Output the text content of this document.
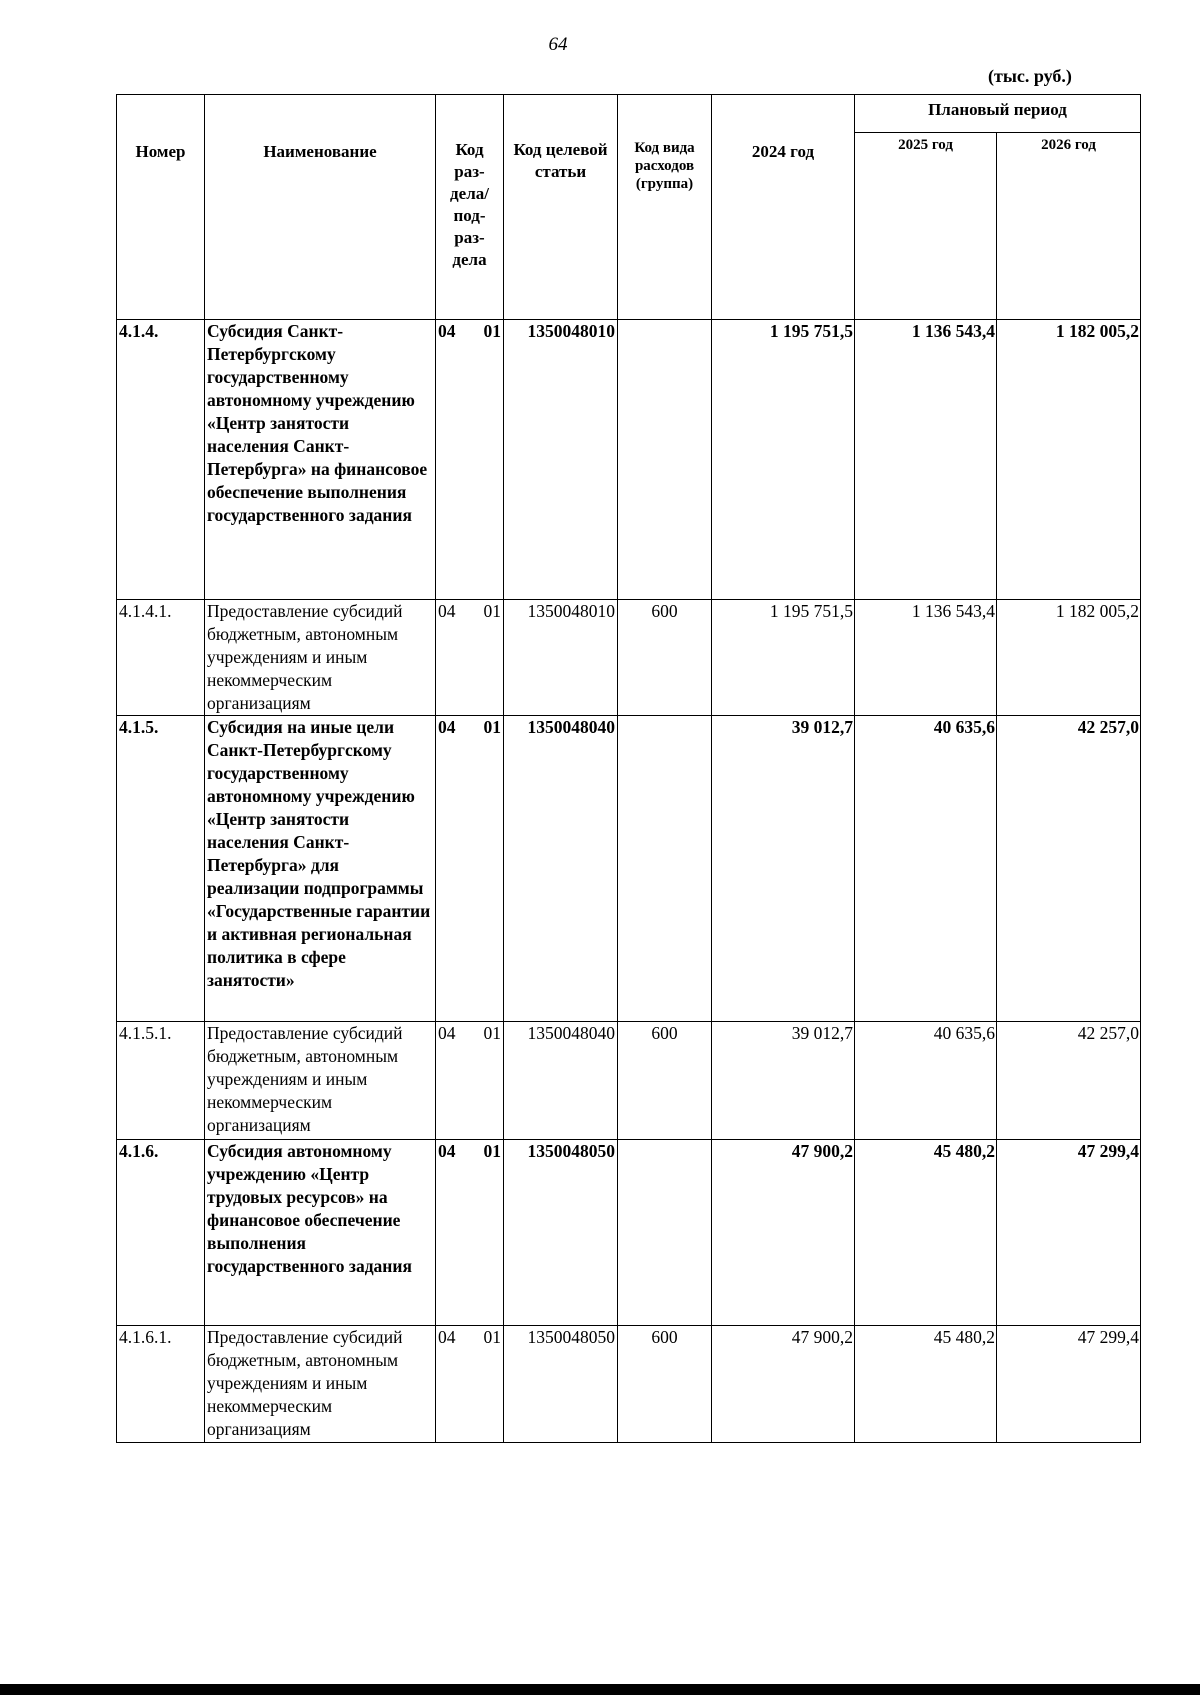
64
(тыс. руб.)
Номер	Наименование	Код раз- дела/ под- раз- дела	Код целевой статьи	Код вида расходов (группа)	2024 год	Плановый период	
						2025 год	2026 год
4.1.4.	Субсидия Санкт-Петербургскому государственному автономному учреждению «Центр занятости населения Санкт-Петербурга» на финансовое обеспечение выполнения государственного задания	04 01	1350048010		1 195 751,5	1 136 543,4	1 182 005,2
4.1.4.1.	Предоставление субсидий бюджетным, автономным учреждениям и иным некоммерческим организациям	04 01	1350048010	600	1 195 751,5	1 136 543,4	1 182 005,2
4.1.5.	Субсидия на иные цели Санкт-Петербургскому государственному автономному учреждению «Центр занятости населения Санкт-Петербурга» для реализации подпрограммы «Государственные гарантии и активная региональная политика в сфере занятости»	04 01	1350048040		39 012,7	40 635,6	42 257,0
4.1.5.1.	Предоставление субсидий бюджетным, автономным учреждениям и иным некоммерческим организациям	04 01	1350048040	600	39 012,7	40 635,6	42 257,0
4.1.6.	Субсидия автономному учреждению «Центр трудовых ресурсов» на финансовое обеспечение выполнения государственного задания	04 01	1350048050		47 900,2	45 480,2	47 299,4
4.1.6.1.	Предоставление субсидий бюджетным, автономным учреждениям и иным некоммерческим организациям	04 01	1350048050	600	47 900,2	45 480,2	47 299,4
